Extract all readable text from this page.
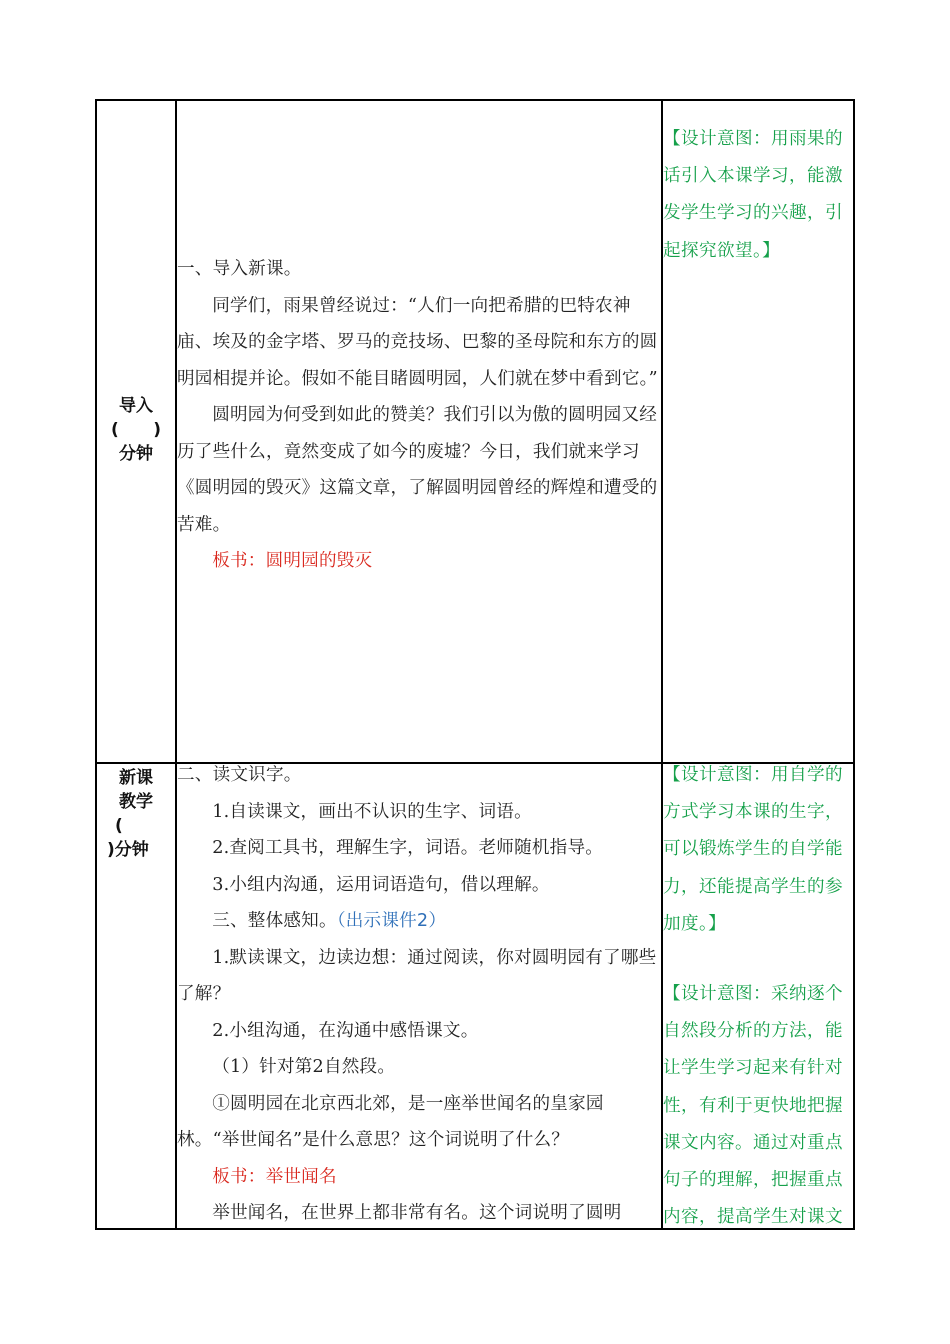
导入
( )
分钟

一、导入新课。

同学们，雨果曾经说过：“人们一向把希腊的巴特农神庙、埃及的金字塔、罗马的竞技场、巴黎的圣母院和东方的圆明园相提并论。假如不能目睹圆明园，人们就在梦中看到它。”

圆明园为何受到如此的赞美？我们引以为傲的圆明园又经历了些什么，竟然变成了如今的废墟？今日，我们就来学习《圆明园的毁灭》这篇文章，了解圆明园曾经的辉煌和遭受的苦难。

板书：圆明园的毁灭

【设计意图：用雨果的话引入本课学习，能激发学生学习的兴趣，引起探究欲望。】

新课
教学
(
)分钟

二、读文识字。

1.自读课文，画出不认识的生字、词语。

2.查阅工具书，理解生字，词语。老师随机指导。

3.小组内沟通，运用词语造句，借以理解。

三、整体感知。（出示课件2）

1.默读课文，边读边想：通过阅读，你对圆明园有了哪些了解？

2.小组沟通，在沟通中感悟课文。

（1）针对第2自然段。

①圆明园在北京西北郊，是一座举世闻名的皇家园林。“举世闻名”是什么意思？这个词说明了什么？

板书：举世闻名

举世闻名，在世界上都非常有名。这个词说明了圆明

【设计意图：用自学的方式学习本课的生字，可以锻炼学生的自学能力，还能提高学生的参加度。】

【设计意图：采纳逐个自然段分析的方法，能让学生学习起来有针对性，有利于更快地把握课文内容。通过对重点句子的理解，把握重点内容，提高学生对课文
